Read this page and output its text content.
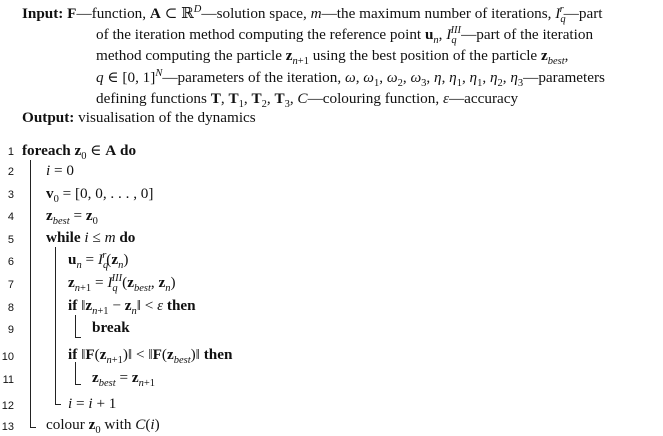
Input: F—function, A ⊂ ℝ$^D$—solution space, m—the maximum number of iterations, $I_q^r—part$
of the iteration method computing the reference point $u_n$, $I_q^{III}—part$ of the iteration
method computing the particle $z_{n+1}$ using the best position of the particle $z_{best}$,
q ∈ [0, 1]$^N$—parameters of the iteration, ω, $\omega_1$, $\omega_2$, $\omega_3$, η, $\eta_1$, $\eta_1$, $\eta_2$, $\eta_3—parameters$
defining functions T, $T_1$, $T_2$, $T_3$, C—colouring function, ε—accuracy
Output: visualisation of the dynamics
1
2
3
4
5
6
7
8
9
10
11
12
13
foreach $z_0$ ∈ A do
i = 0
$v_0 = [0$, 0, . . . , 0]
$z_{best} = z_0$
while i ≤ m do
$u_n = I_q^r(z_n)$
$z_{n+1} = I_q^{III}(z_{best}$, $z_n$)
if $‖z_{n+1}$ − $z_n‖ < \varepsilon$ then
break
if $‖F(z_{n+1})‖$ < $‖F(z_{best})‖$ then
$z_{best} = z_{n+1}$
i = i + 1
colour $z_0$ with C(i)
